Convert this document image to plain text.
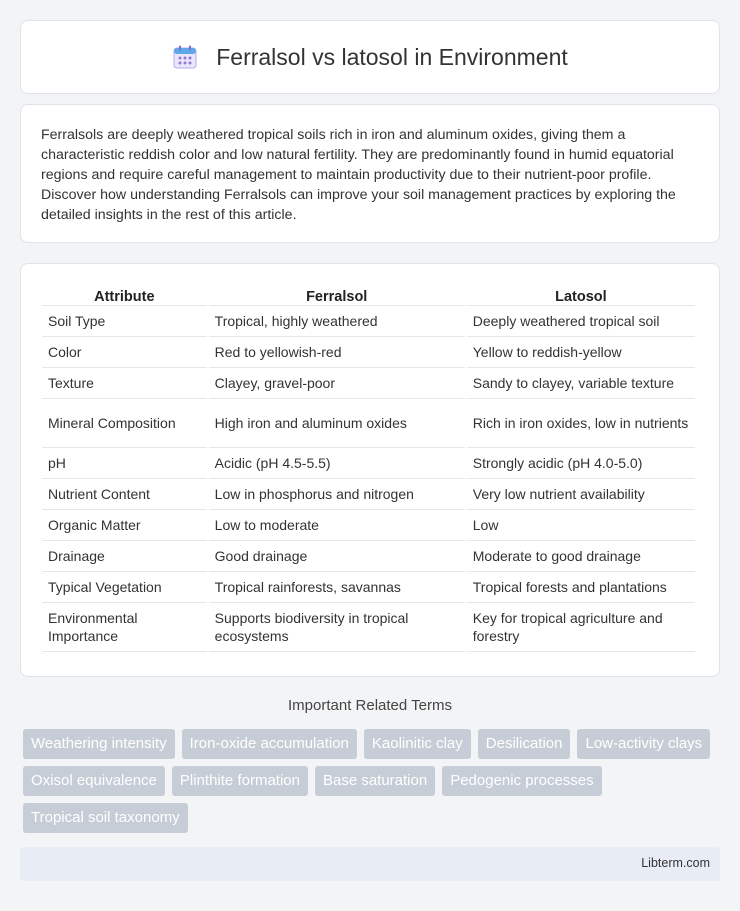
Ferralsol vs latosol in Environment

Ferralsols are deeply weathered tropical soils rich in iron and aluminum oxides, giving them a characteristic reddish color and low natural fertility. They are predominantly found in humid equatorial regions and require careful management to maintain productivity due to their nutrient-poor profile. Discover how understanding Ferralsols can improve your soil management practices by exploring the detailed insights in the rest of this article.

Attribute	Ferralsol	Latosol
Soil Type	Tropical, highly weathered	Deeply weathered tropical soil
Color	Red to yellowish-red	Yellow to reddish-yellow
Texture	Clayey, gravel-poor	Sandy to clayey, variable texture
Mineral Composition	High iron and aluminum oxides	Rich in iron oxides, low in nutrients
pH	Acidic (pH 4.5-5.5)	Strongly acidic (pH 4.0-5.0)
Nutrient Content	Low in phosphorus and nitrogen	Very low nutrient availability
Organic Matter	Low to moderate	Low
Drainage	Good drainage	Moderate to good drainage
Typical Vegetation	Tropical rainforests, savannas	Tropical forests and plantations
Environmental Importance	Supports biodiversity in tropical ecosystems	Key for tropical agriculture and forestry
Important Related Terms
Weathering intensity	Iron-oxide accumulation	Kaolinitic clay	Desilication	Low-activity clays
Oxisol equivalence	Plinthite formation	Base saturation	Pedogenic processes
Tropical soil taxonomy
Libterm.com
